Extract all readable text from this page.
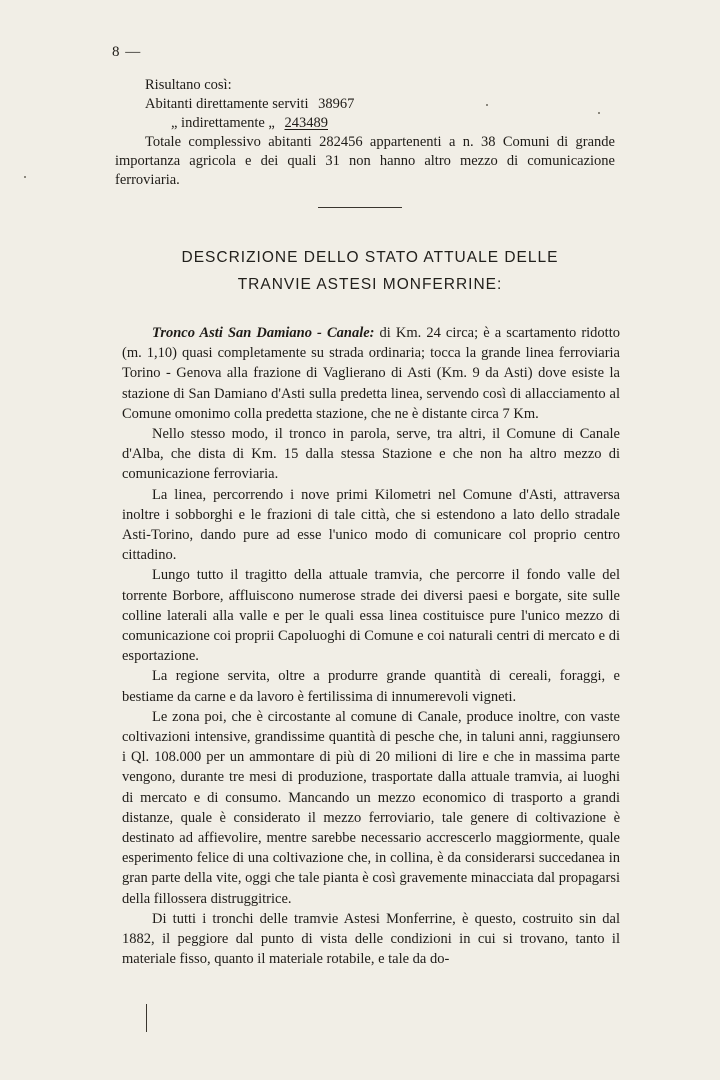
8 —
Risultano così:
Abitanti direttamente serviti 38967
„ indirettamente „ 243489
Totale complessivo abitanti 282456 appartenenti a n. 38 Comuni di grande importanza agricola e dei quali 31 non hanno altro mezzo di comunicazione ferroviaria.
DESCRIZIONE DELLO STATO ATTUALE DELLE
TRANVIE ASTESI MONFERRINE:

Tronco Asti San Damiano - Canale: di Km. 24 circa; è a scartamento ridotto (m. 1,10) quasi completamente su strada ordinaria; tocca la grande linea ferroviaria Torino - Genova alla frazione di Vaglierano di Asti (Km. 9 da Asti) dove esiste la stazione di San Damiano d'Asti sulla predetta linea, servendo così di allacciamento al Comune omonimo colla predetta stazione, che ne è distante circa 7 Km.

Nello stesso modo, il tronco in parola, serve, tra altri, il Comune di Canale d'Alba, che dista di Km. 15 dalla stessa Stazione e che non ha altro mezzo di comunicazione ferroviaria.

La linea, percorrendo i nove primi Kilometri nel Comune d'Asti, attraversa inoltre i sobborghi e le frazioni di tale città, che si estendono a lato dello stradale Asti-Torino, dando pure ad esse l'unico modo di comunicare col proprio centro cittadino.

Lungo tutto il tragitto della attuale tramvia, che percorre il fondo valle del torrente Borbore, affluiscono numerose strade dei diversi paesi e borgate, site sulle colline laterali alla valle e per le quali essa linea costituisce pure l'unico mezzo di comunicazione coi proprii Capoluoghi di Comune e coi naturali centri di mercato e di esportazione.

La regione servita, oltre a produrre grande quantità di cereali, foraggi, e bestiame da carne e da lavoro è fertilissima di innumerevoli vigneti.

Le zona poi, che è circostante al comune di Canale, produce inoltre, con vaste coltivazioni intensive, grandissime quantità di pesche che, in taluni anni, raggiunsero i Ql. 108.000 per un ammontare di più di 20 milioni di lire e che in massima parte vengono, durante tre mesi di produzione, trasportate dalla attuale tramvia, ai luoghi di mercato e di consumo. Mancando un mezzo economico di trasporto a grandi distanze, quale è considerato il mezzo ferroviario, tale genere di coltivazione è destinato ad affievolire, mentre sarebbe necessario accrescerlo maggiormente, quale esperimento felice di una coltivazione che, in collina, è da considerarsi succedanea in gran parte della vite, oggi che tale pianta è così gravemente minacciata dal propagarsi della fillossera distruggitrice.

Di tutti i tronchi delle tramvie Astesi Monferrine, è questo, costruito sin dal 1882, il peggiore dal punto di vista delle condizioni in cui si trovano, tanto il materiale fisso, quanto il materiale rotabile, e tale da do-
